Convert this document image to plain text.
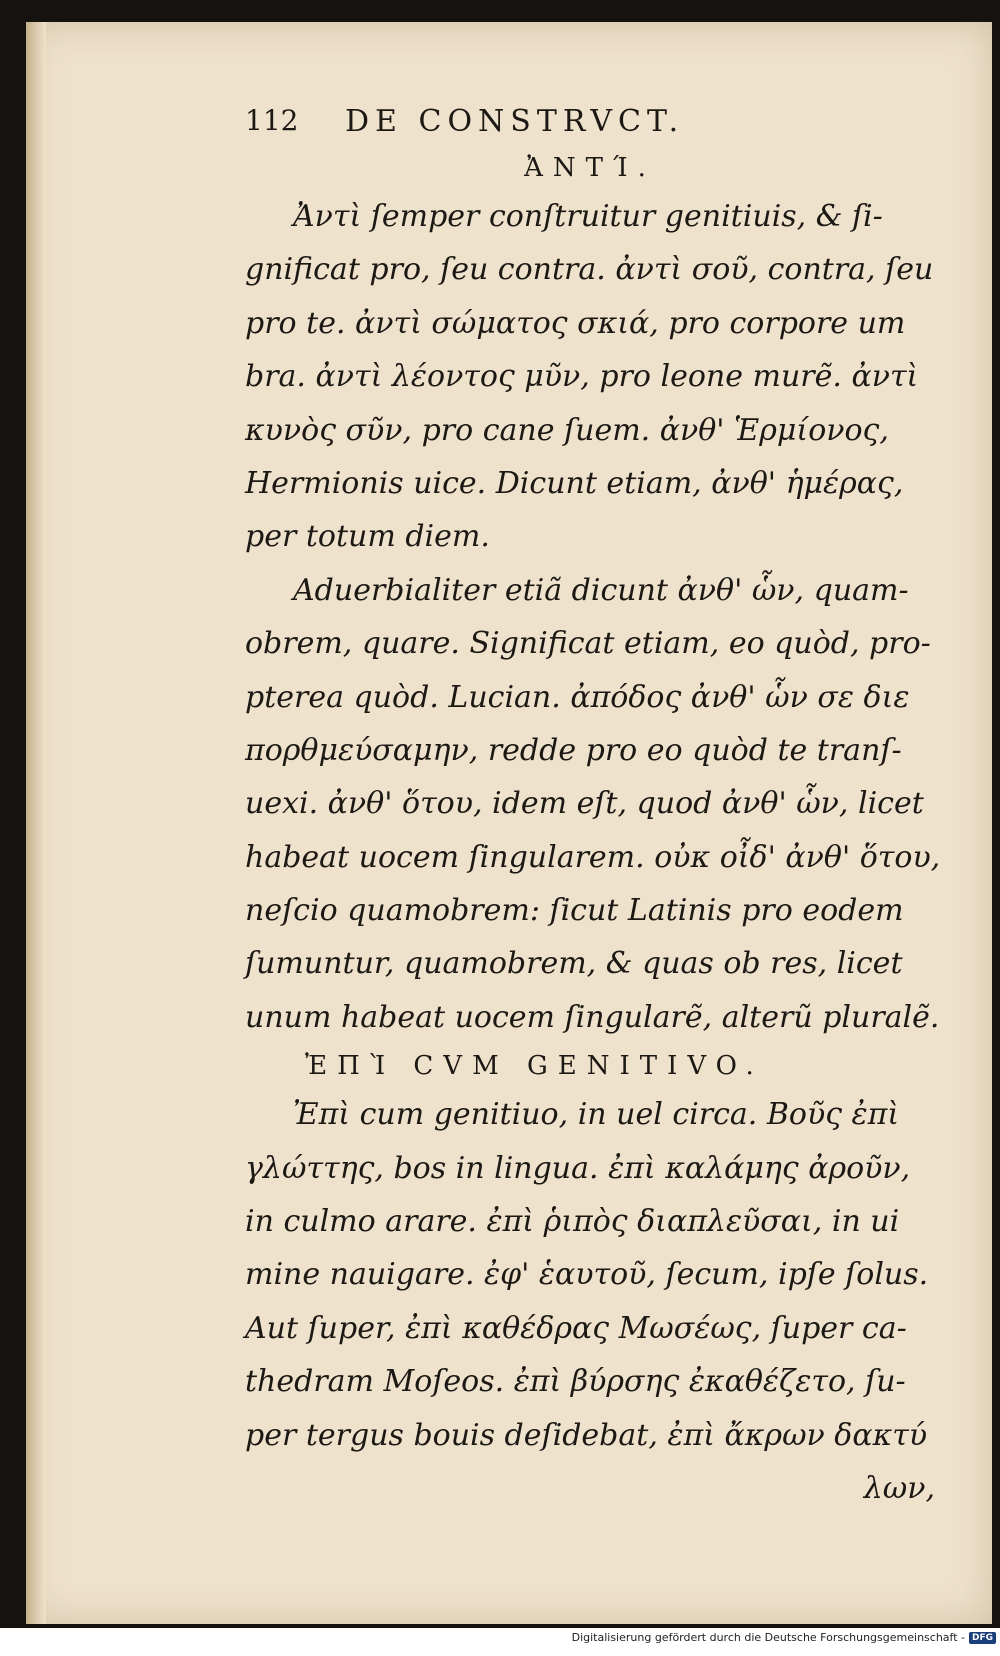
112 DE CONSTRVCT.
ἈΝΤΊ.
Ἀντὶ ſemper conſtruitur genitiuis, & ſi-
gnificat pro, ſeu contra. ἀντὶ σοῦ, contra, ſeu
pro te. ἀντὶ σώματος σκιά, pro corpore um
bra. ἀντὶ λέοντος μῦν, pro leone murẽ. ἀντὶ
κυνὸς σῦν, pro cane ſuem. ἀνθ' Ἑρμίονος,
Hermionis uice. Dicunt etiam, ἀνθ' ἡμέρας,
per totum diem.
Aduerbialiter etiã dicunt ἀνθ' ὧν, quam-
obrem, quare. Significat etiam, eo quòd, pro-
pterea quòd. Lucian. ἀπόδος ἀνθ' ὧν σε διε
πορθμεύσαμην, redde pro eo quòd te tranſ-
uexi. ἀνθ' ὅτου, idem eſt, quod ἀνθ' ὧν, licet
habeat uocem ſingularem. οὐκ οἶδ' ἀνθ' ὅτου,
neſcio quamobrem: ſicut Latinis pro eodem
ſumuntur, quamobrem, & quas ob res, licet
unum habeat uocem ſingularẽ, alterũ pluralẽ.
ἘΠῚ CVM GENITIVO.
Ἐπὶ cum genitiuo, in uel circa. Βοῦς ἐπὶ
γλώττης, bos in lingua. ἐπὶ καλάμης ἀροῦν,
in culmo arare. ἐπὶ ῥιπὸς διαπλεῦσαι, in ui
mine nauigare. ἐφ' ἑαυτοῦ, ſecum, ipſe ſolus.
Aut ſuper, ἐπὶ καθέδρας Μωσέως, ſuper ca-
thedram Moſeos. ἐπὶ βύρσης ἐκαθέζετο, ſu-
per tergus bouis deſidebat, ἐπὶ ἄκρων δακτύ
λων,
Digitalisierung gefördert durch die Deutsche Forschungsgemeinschaft - DFG
